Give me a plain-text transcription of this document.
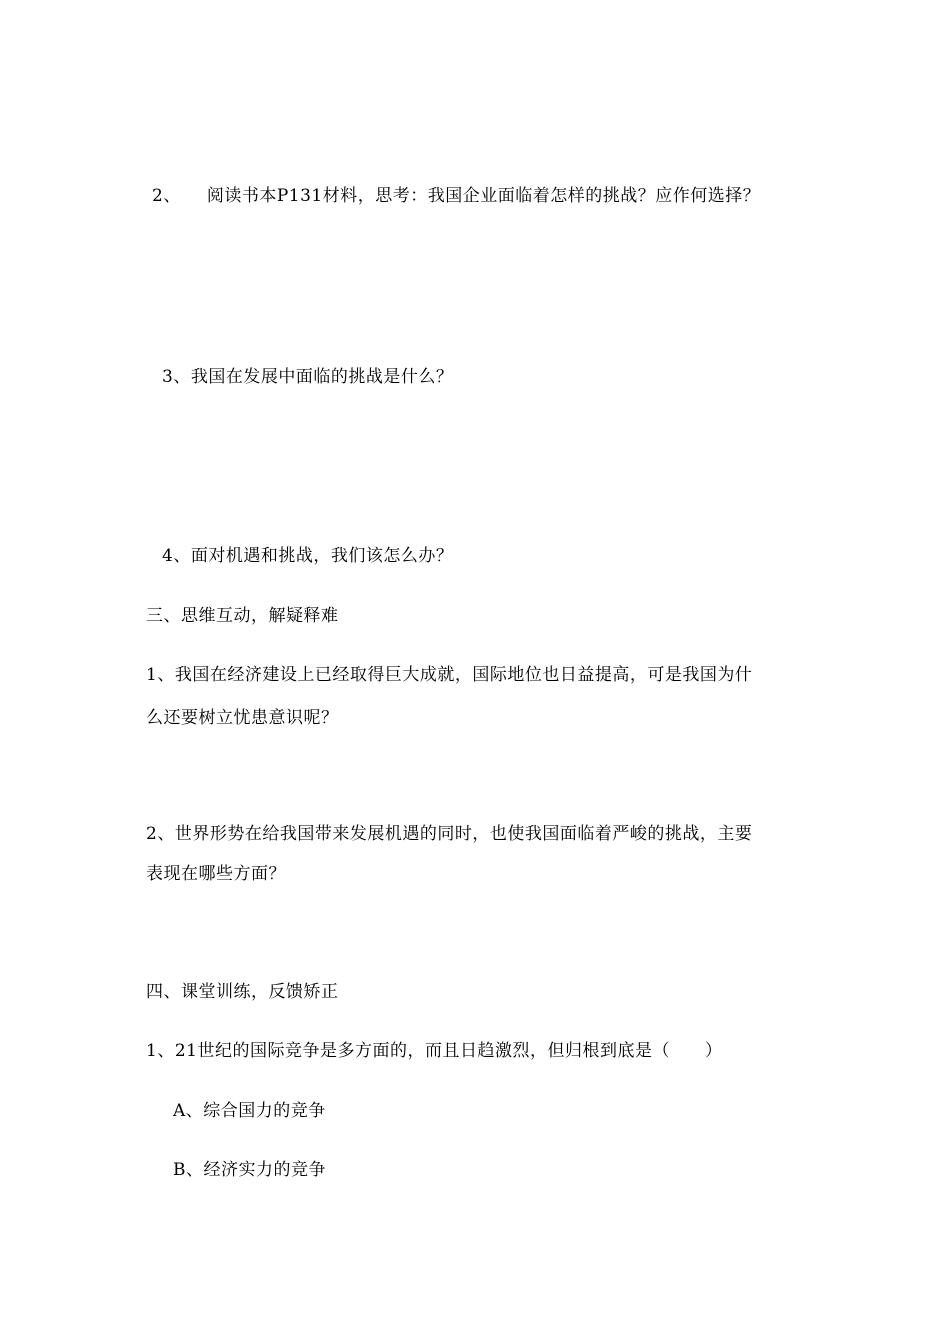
2、 阅读书本P131材料，思考：我国企业面临着怎样的挑战？应作何选择？
3、我国在发展中面临的挑战是什么？
4、面对机遇和挑战，我们该怎么办？
三、思维互动，解疑释难
1、我国在经济建设上已经取得巨大成就，国际地位也日益提高，可是我国为什
么还要树立忧患意识呢？
2、世界形势在给我国带来发展机遇的同时，也使我国面临着严峻的挑战，主要
表现在哪些方面？
四、课堂训练，反馈矫正
1、21世纪的国际竞争是多方面的，而且日趋激烈，但归根到底是（　　）
A、综合国力的竞争
B、经济实力的竞争
